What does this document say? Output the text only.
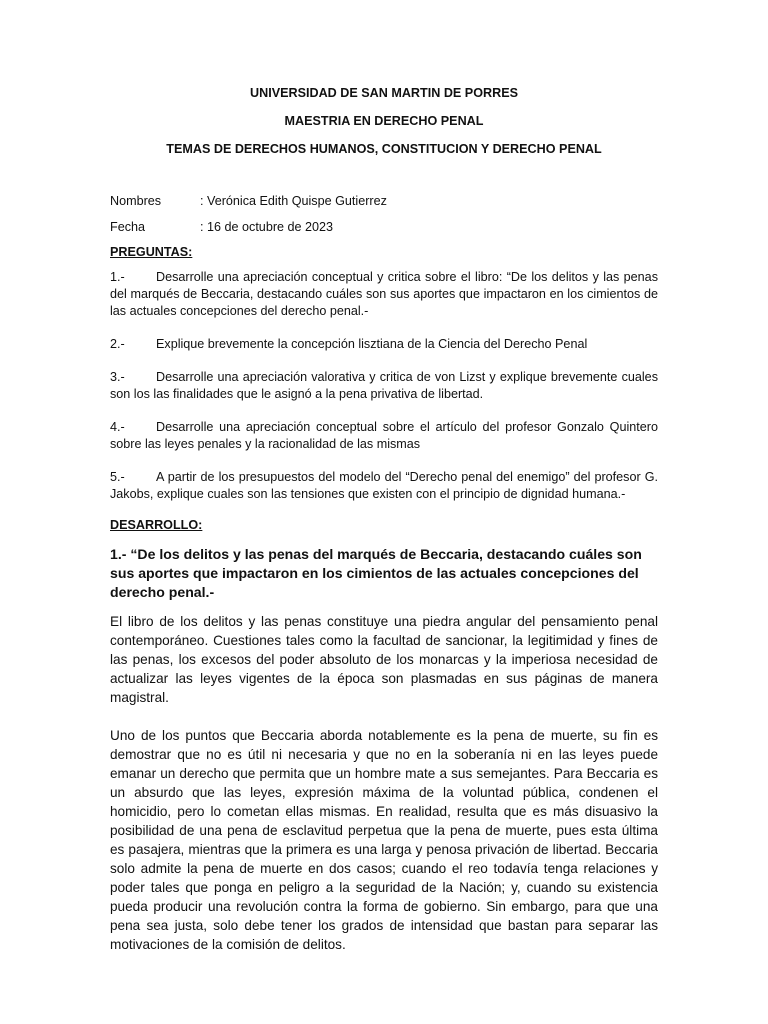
UNIVERSIDAD DE SAN MARTIN DE PORRES

MAESTRIA EN DERECHO PENAL

TEMAS DE DERECHOS HUMANOS, CONSTITUCION Y DERECHO PENAL

Nombres	: Verónica Edith Quispe Gutierrez
Fecha	: 16 de octubre de 2023

PREGUNTAS:

1.- Desarrolle una apreciación conceptual y critica sobre el libro: “De los delitos y las penas del marqués de Beccaria, destacando cuáles son sus aportes que impactaron en los cimientos de las actuales concepciones del derecho penal.-

2.- Explique brevemente la concepción lisztiana de la Ciencia del Derecho Penal

3.- Desarrolle una apreciación valorativa y critica de von Lizst y explique brevemente cuales son los las finalidades que le asignó a la pena privativa de libertad.

4.- Desarrolle una apreciación conceptual sobre el artículo del profesor Gonzalo Quintero sobre las leyes penales y la racionalidad de las mismas

5.- A partir de los presupuestos del modelo del “Derecho penal del enemigo” del profesor G. Jakobs, explique cuales son las tensiones que existen con el principio de dignidad humana.-

DESARROLLO:

1.- “De los delitos y las penas del marqués de Beccaria, destacando cuáles son sus aportes que impactaron en los cimientos de las actuales concepciones del derecho penal.-

El libro de los delitos y las penas constituye una piedra angular del pensamiento penal contemporáneo. Cuestiones tales como la facultad de sancionar, la legitimidad y fines de las penas, los excesos del poder absoluto de los monarcas y la imperiosa necesidad de actualizar las leyes vigentes de la época son plasmadas en sus páginas de manera magistral.

Uno de los puntos que Beccaria aborda notablemente es la pena de muerte, su fin es demostrar que no es útil ni necesaria y que no en la soberanía ni en las leyes puede emanar un derecho que permita que un hombre mate a sus semejantes. Para Beccaria es un absurdo que las leyes, expresión máxima de la voluntad pública, condenen el homicidio, pero lo cometan ellas mismas. En realidad, resulta que es más disuasivo la posibilidad de una pena de esclavitud perpetua que la pena de muerte, pues esta última es pasajera, mientras que la primera es una larga y penosa privación de libertad. Beccaria solo admite la pena de muerte en dos casos; cuando el reo todavía tenga relaciones y poder tales que ponga en peligro a la seguridad de la Nación; y, cuando su existencia pueda producir una revolución contra la forma de gobierno. Sin embargo, para que una pena sea justa, solo debe tener los grados de intensidad que bastan para separar las motivaciones de la comisión de delitos.
